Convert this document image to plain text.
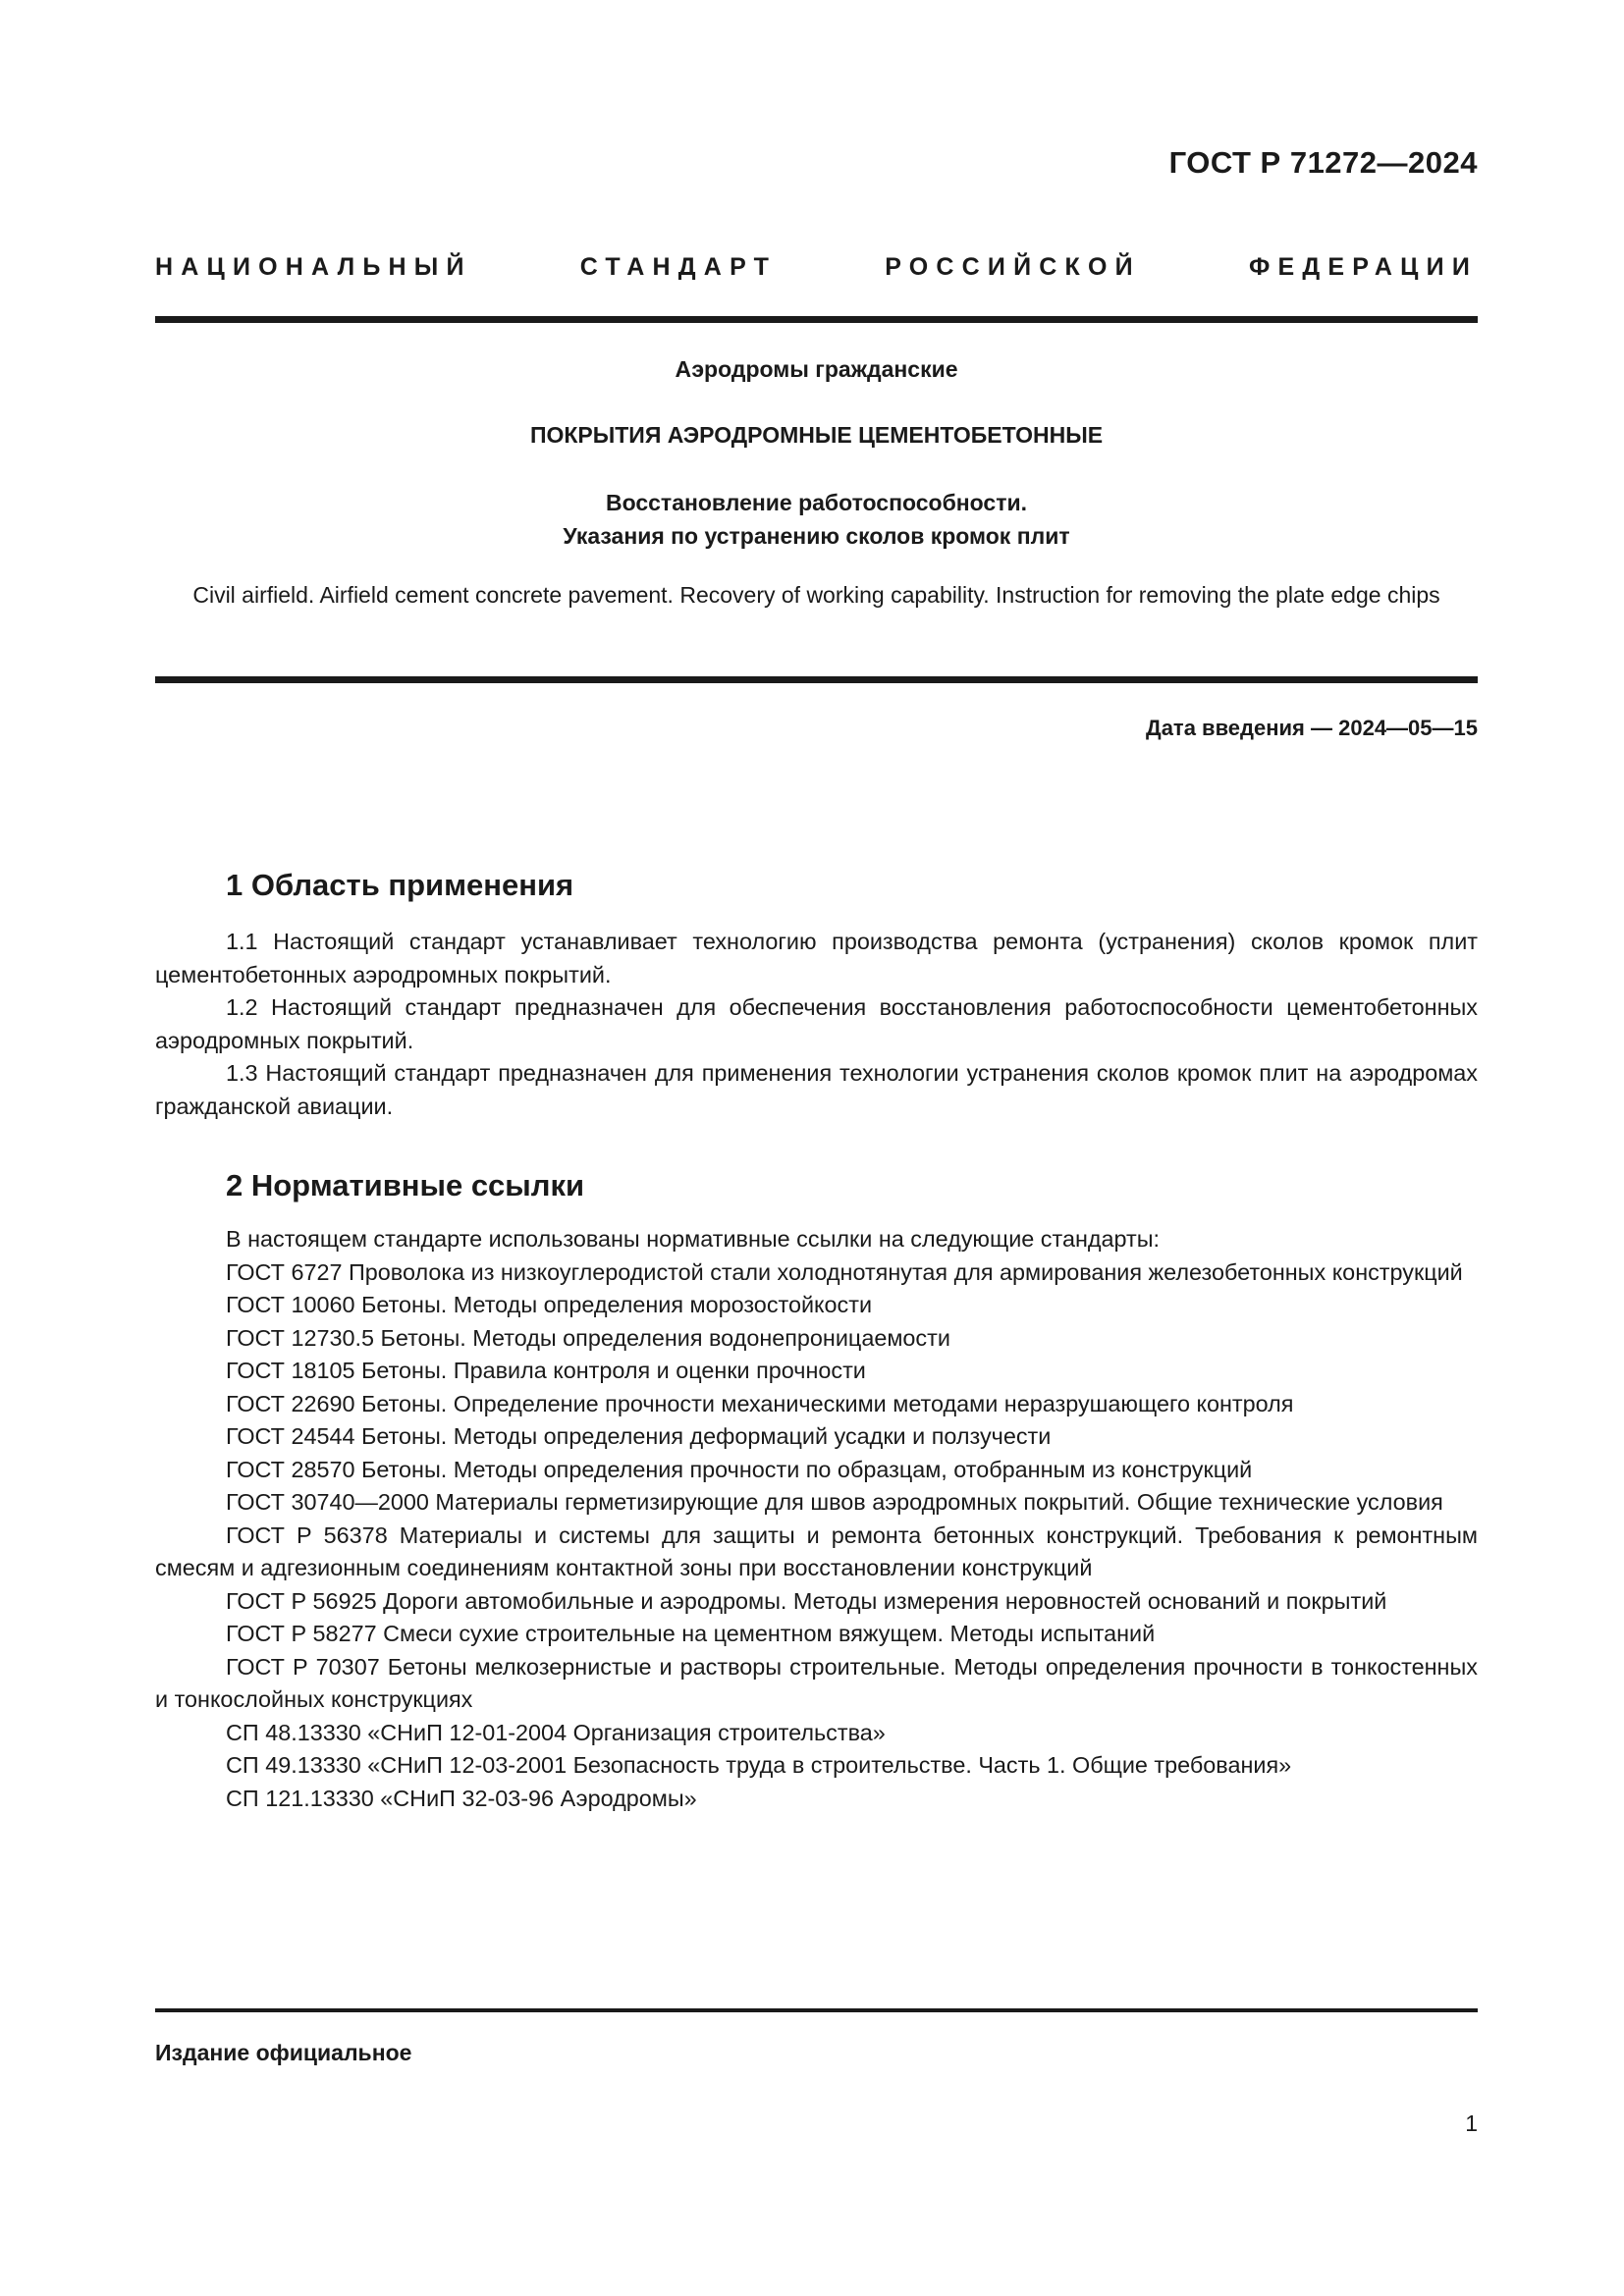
ГОСТ Р 71272—2024
НАЦИОНАЛЬНЫЙ СТАНДАРТ РОССИЙСКОЙ ФЕДЕРАЦИИ
Аэродромы гражданские
ПОКРЫТИЯ АЭРОДРОМНЫЕ ЦЕМЕНТОБЕТОННЫЕ
Восстановление работоспособности.
Указания по устранению сколов кромок плит
Civil airfield. Airfield cement concrete pavement. Recovery of working capability. Instruction for removing the plate edge chips
Дата введения — 2024—05—15
1 Область применения

1.1 Настоящий стандарт устанавливает технологию производства ремонта (устранения) сколов кромок плит цементобетонных аэродромных покрытий.

1.2 Настоящий стандарт предназначен для обеспечения восстановления работоспособности цементобетонных аэродромных покрытий.

1.3 Настоящий стандарт предназначен для применения технологии устранения сколов кромок плит на аэродромах гражданской авиации.

2 Нормативные ссылки

В настоящем стандарте использованы нормативные ссылки на следующие стандарты:

ГОСТ 6727 Проволока из низкоуглеродистой стали холоднотянутая для армирования железобетонных конструкций

ГОСТ 10060 Бетоны. Методы определения морозостойкости

ГОСТ 12730.5 Бетоны. Методы определения водонепроницаемости

ГОСТ 18105 Бетоны. Правила контроля и оценки прочности

ГОСТ 22690 Бетоны. Определение прочности механическими методами неразрушающего контроля

ГОСТ 24544 Бетоны. Методы определения деформаций усадки и ползучести

ГОСТ 28570 Бетоны. Методы определения прочности по образцам, отобранным из конструкций

ГОСТ 30740—2000 Материалы герметизирующие для швов аэродромных покрытий. Общие технические условия

ГОСТ Р 56378 Материалы и системы для защиты и ремонта бетонных конструкций. Требования к ремонтным смесям и адгезионным соединениям контактной зоны при восстановлении конструкций

ГОСТ Р 56925 Дороги автомобильные и аэродромы. Методы измерения неровностей оснований и покрытий

ГОСТ Р 58277 Смеси сухие строительные на цементном вяжущем. Методы испытаний

ГОСТ Р 70307 Бетоны мелкозернистые и растворы строительные. Методы определения прочности в тонкостенных и тонкослойных конструкциях

СП 48.13330 «СНиП 12-01-2004 Организация строительства»

СП 49.13330 «СНиП 12-03-2001 Безопасность труда в строительстве. Часть 1. Общие требования»

СП 121.13330 «СНиП 32-03-96 Аэродромы»

Издание официальное
1
